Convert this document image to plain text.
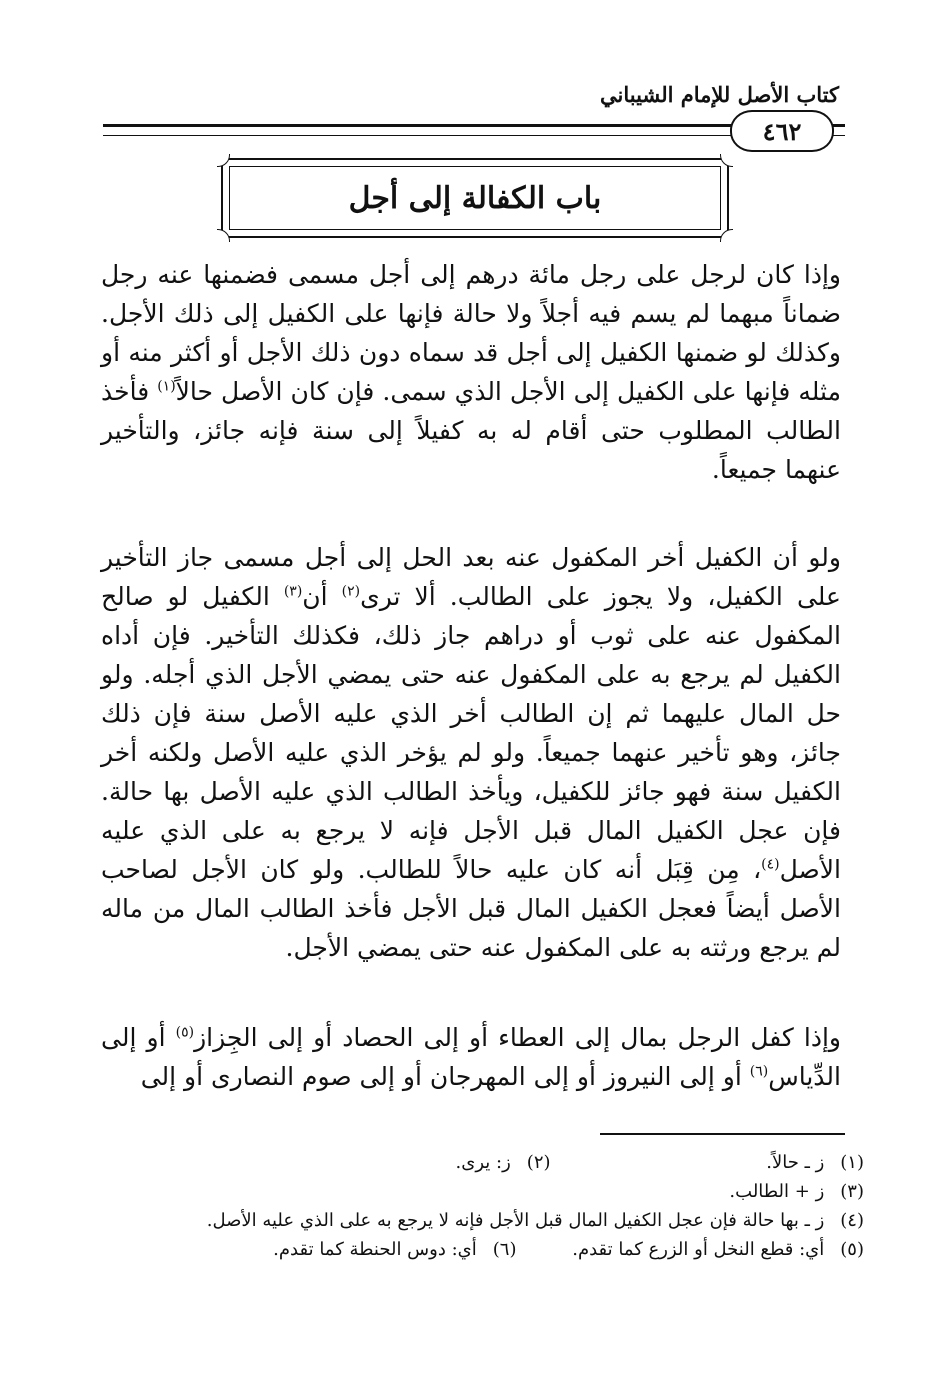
كتاب الأصل للإمام الشيباني
٤٦٢
باب الكفالة إلى أجل

وإذا كان لرجل على رجل مائة درهم إلى أجل مسمى فضمنها عنه رجل ضماناً مبهما لم يسم فيه أجلاً ولا حالة فإنها على الكفيل إلى ذلك الأجل. وكذلك لو ضمنها الكفيل إلى أجل قد سماه دون ذلك الأجل أو أكثر منه أو مثله فإنها على الكفيل إلى الأجل الذي سمى. فإن كان الأصل حالاً$^{(١)}$ فأخذ الطالب المطلوب حتى أقام له به كفيلاً إلى سنة فإنه جائز، والتأخير عنهما جميعاً.

ولو أن الكفيل أخر المكفول عنه بعد الحل إلى أجل مسمى جاز التأخير على الكفيل، ولا يجوز على الطالب. ألا ترى$^{(٢)}$ أن$^{(٣)}$ الكفيل لو صالح المكفول عنه على ثوب أو دراهم جاز ذلك، فكذلك التأخير. فإن أداه الكفيل لم يرجع به على المكفول عنه حتى يمضي الأجل الذي أجله. ولو حل المال عليهما ثم إن الطالب أخر الذي عليه الأصل سنة فإن ذلك جائز، وهو تأخير عنهما جميعاً. ولو لم يؤخر الذي عليه الأصل ولكنه أخر الكفيل سنة فهو جائز للكفيل، ويأخذ الطالب الذي عليه الأصل بها حالة. فإن عجل الكفيل المال قبل الأجل فإنه لا يرجع به على الذي عليه الأصل$^{(٤)}$، مِن قِبَل أنه كان عليه حالاً للطالب. ولو كان الأجل لصاحب الأصل أيضاً فعجل الكفيل المال قبل الأجل فأخذ الطالب المال من ماله لم يرجع ورثته به على المكفول عنه حتى يمضي الأجل.

وإذا كفل الرجل بمال إلى العطاء أو إلى الحصاد أو إلى الجِزاز$^{(٥)}$ أو إلى الدِّياس$^{(٦)}$ أو إلى النيروز أو إلى المهرجان أو إلى صوم النصارى أو إلى

(١) ز ـ حالاً. (٢) ز: يرى.
(٣) ز + الطالب.
(٤) ز ـ بها حالة فإن عجل الكفيل المال قبل الأجل فإنه لا يرجع به على الذي عليه الأصل.
(٥) أي: قطع النخل أو الزرع كما تقدم. (٦) أي: دوس الحنطة كما تقدم.
